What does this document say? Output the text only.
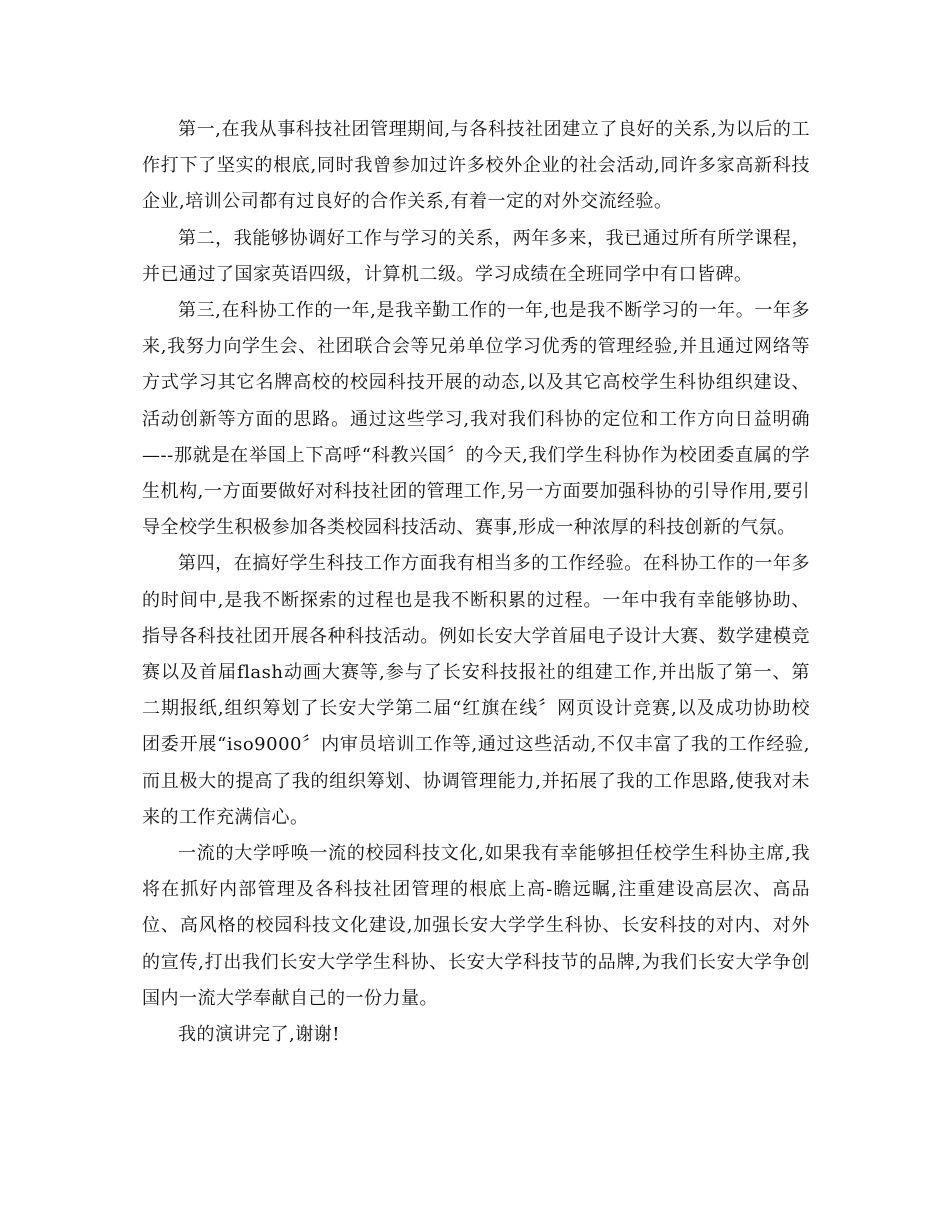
第一,在我从事科技社团管理期间,与各科技社团建立了良好的关系,为以后的工作打下了坚实的根底,同时我曾参加过许多校外企业的社会活动,同许多家高新科技企业,培训公司都有过良好的合作关系,有着一定的对外交流经验。

第二，我能够协调好工作与学习的关系，两年多来，我已通过所有所学课程，并已通过了国家英语四级，计算机二级。学习成绩在全班同学中有口皆碑。

第三,在科协工作的一年,是我辛勤工作的一年,也是我不断学习的一年。一年多来,我努力向学生会、社团联合会等兄弟单位学习优秀的管理经验,并且通过网络等方式学习其它名牌高校的校园科技开展的动态,以及其它高校学生科协组织建设、活动创新等方面的思路。通过这些学习,我对我们科协的定位和工作方向日益明确—--那就是在举国上下高呼“科教兴国〞的今天,我们学生科协作为校团委直属的学生机构,一方面要做好对科技社团的管理工作,另一方面要加强科协的引导作用,要引导全校学生积极参加各类校园科技活动、赛事,形成一种浓厚的科技创新的气氛。

第四，在搞好学生科技工作方面我有相当多的工作经验。在科协工作的一年多的时间中,是我不断探索的过程也是我不断积累的过程。一年中我有幸能够协助、指导各科技社团开展各种科技活动。例如长安大学首届电子设计大赛、数学建模竞赛以及首届flash动画大赛等,参与了长安科技报社的组建工作,并出版了第一、第二期报纸,组织筹划了长安大学第二届“红旗在线〞网页设计竞赛,以及成功协助校团委开展“iso9000〞内审员培训工作等,通过这些活动,不仅丰富了我的工作经验,而且极大的提高了我的组织筹划、协调管理能力,并拓展了我的工作思路,使我对未来的工作充满信心。

一流的大学呼唤一流的校园科技文化,如果我有幸能够担任校学生科协主席,我将在抓好内部管理及各科技社团管理的根底上高-瞻远瞩,注重建设高层次、高品位、高风格的校园科技文化建设,加强长安大学学生科协、长安科技的对内、对外的宣传,打出我们长安大学学生科协、长安大学科技节的品牌,为我们长安大学争创国内一流大学奉献自己的一份力量。

我的演讲完了,谢谢!
